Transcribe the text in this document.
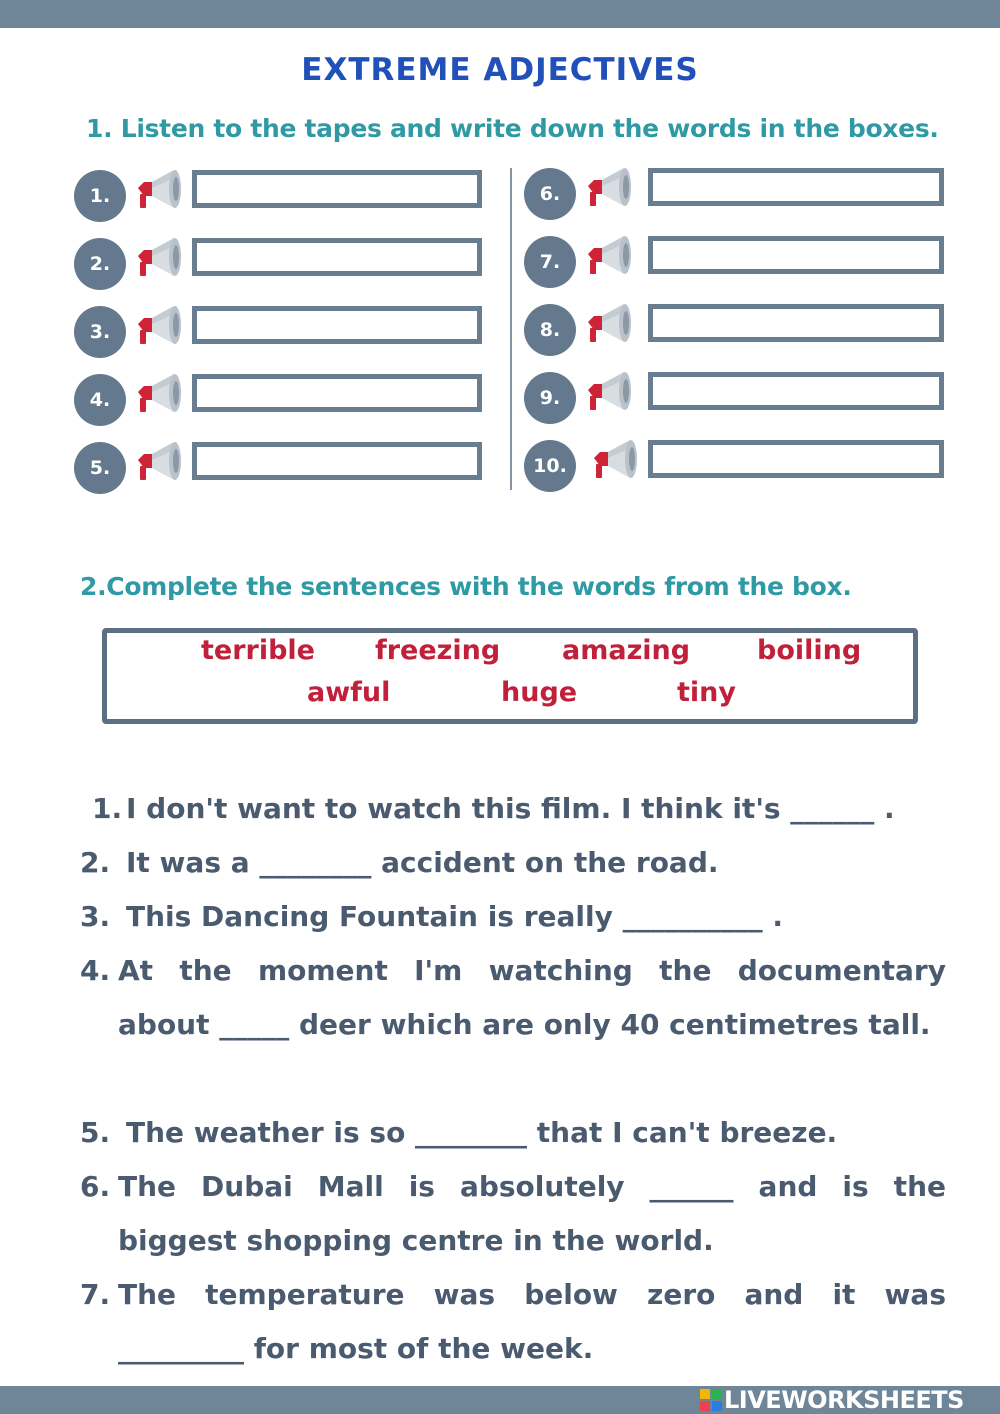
EXTREME ADJECTIVES

1. Listen to the tapes and write down the words in the boxes.

1.
2.
3.
4.
5.
6.
7.
8.
9.
10.

2.Complete the sentences with the words from the box.

terrible freezing amazing boiling
awful	huge	tiny
1. I don't want to watch this film. I think it's ______ .
2. It was a ________ accident on the road.
3. This Dancing Fountain is really __________ .
4. At the moment I'm watching the documentary about _____ deer which are only 40 centimetres tall.
5. The weather is so ________ that I can't breeze.
6. The Dubai Mall is absolutely ______ and is the biggest shopping centre in the world.
7. The temperature was below zero and it was _________ for most of the week.
LIVEWORKSHEETS
